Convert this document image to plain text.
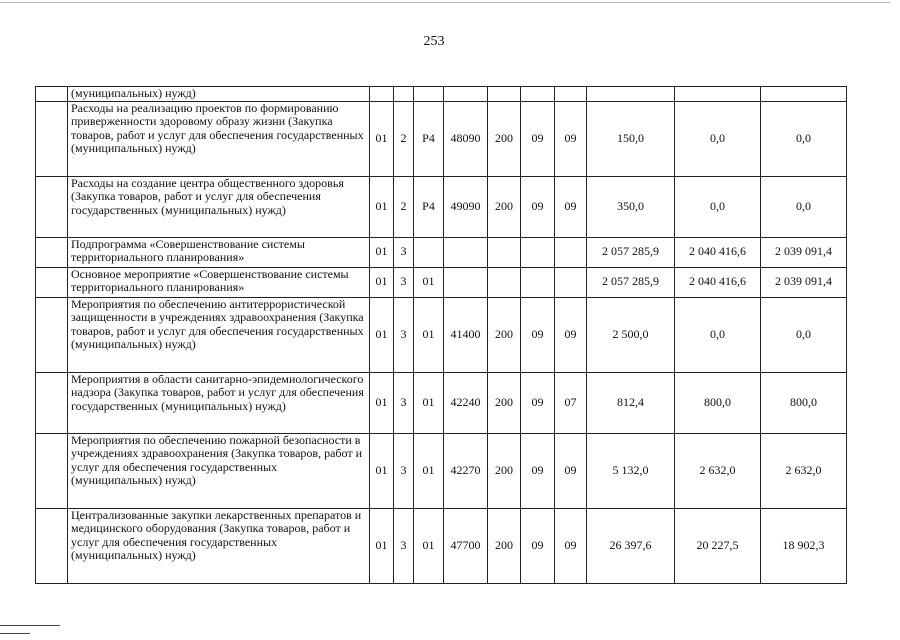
253
	(муниципальных) нужд)										
	Расходы на реализацию проектов по формированию приверженности здоровому образу жизни (Закупка товаров, работ и услуг для обеспечения государственных (муниципальных) нужд)	01	2	Р4	48090	200	09	09	150,0	0,0	0,0
	Расходы на создание центра общественного здоровья (Закупка товаров, работ и услуг для обеспечения государственных (муниципальных) нужд)	01	2	Р4	49090	200	09	09	350,0	0,0	0,0
	Подпрограмма «Совершенствование системы территориального планирования»	01	3						2 057 285,9	2 040 416,6	2 039 091,4
	Основное мероприятие «Совершенствование системы территориального планирования»	01	3	01					2 057 285,9	2 040 416,6	2 039 091,4
	Мероприятия по обеспечению антитеррористической защищенности в учреждениях здравоохранения (Закупка товаров, работ и услуг для обеспечения государственных (муниципальных) нужд)	01	3	01	41400	200	09	09	2 500,0	0,0	0,0
	Мероприятия в области санитарно-эпидемиологического надзора (Закупка товаров, работ и услуг для обеспечения государственных (муниципальных) нужд)	01	3	01	42240	200	09	07	812,4	800,0	800,0
	Мероприятия по обеспечению пожарной безопасности в учреждениях здравоохранения (Закупка товаров, работ и услуг для обеспечения государственных (муниципальных) нужд)	01	3	01	42270	200	09	09	5 132,0	2 632,0	2 632,0
	Централизованные закупки лекарственных препаратов и медицинского оборудования (Закупка товаров, работ и услуг для обеспечения государственных (муниципальных) нужд)	01	3	01	47700	200	09	09	26 397,6	20 227,5	18 902,3
